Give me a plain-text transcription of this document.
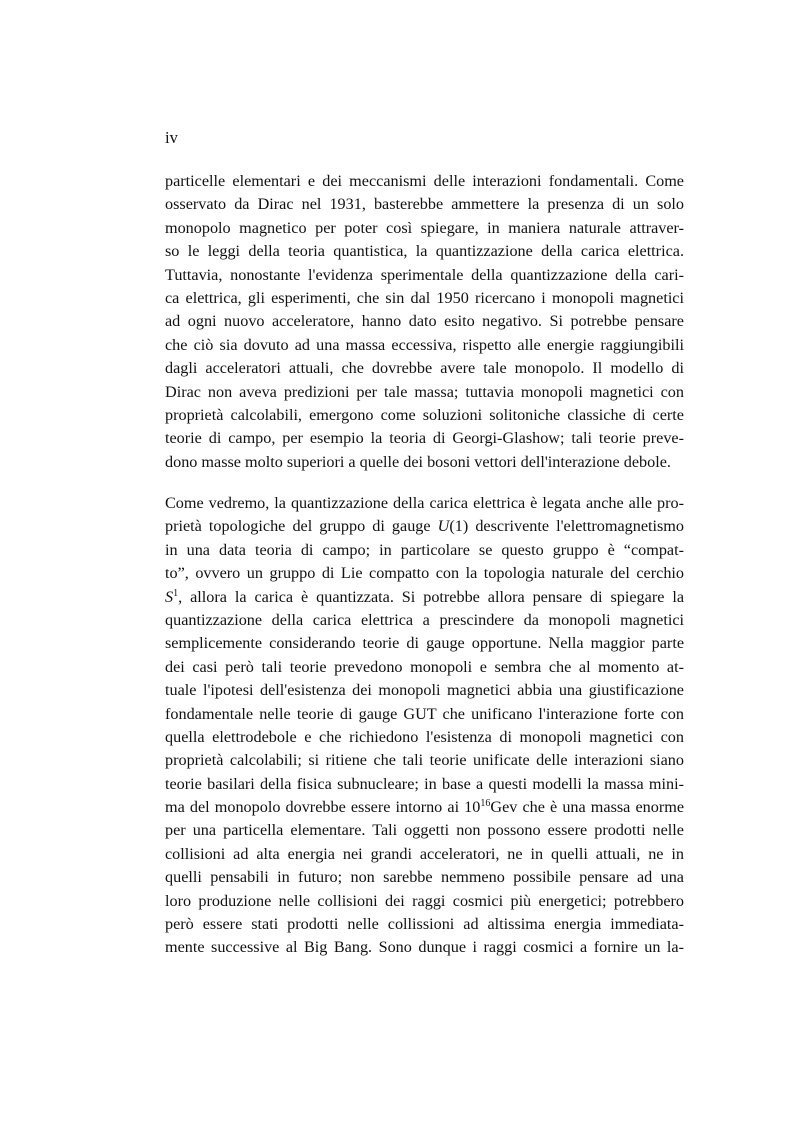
iv
particelle elementari e dei meccanismi delle interazioni fondamentali. Come
osservato da Dirac nel 1931, basterebbe ammettere la presenza di un solo
monopolo magnetico per poter così spiegare, in maniera naturale attraver-
so le leggi della teoria quantistica, la quantizzazione della carica elettrica.
Tuttavia, nonostante l'evidenza sperimentale della quantizzazione della cari-
ca elettrica, gli esperimenti, che sin dal 1950 ricercano i monopoli magnetici
ad ogni nuovo acceleratore, hanno dato esito negativo. Si potrebbe pensare
che ciò sia dovuto ad una massa eccessiva, rispetto alle energie raggiungibili
dagli acceleratori attuali, che dovrebbe avere tale monopolo. Il modello di
Dirac non aveva predizioni per tale massa; tuttavia monopoli magnetici con
proprietà calcolabili, emergono come soluzioni solitoniche classiche di certe
teorie di campo, per esempio la teoria di Georgi-Glashow; tali teorie preve-
dono masse molto superiori a quelle dei bosoni vettori dell'interazione debole.
Come vedremo, la quantizzazione della carica elettrica è legata anche alle pro-
prietà topologiche del gruppo di gauge U(1) descrivente l'elettromagnetismo
in una data teoria di campo; in particolare se questo gruppo è “compat-
to”, ovvero un gruppo di Lie compatto con la topologia naturale del cerchio
$S^1$, allora la carica è quantizzata. Si potrebbe allora pensare di spiegare la
quantizzazione della carica elettrica a prescindere da monopoli magnetici
semplicemente considerando teorie di gauge opportune. Nella maggior parte
dei casi però tali teorie prevedono monopoli e sembra che al momento at-
tuale l'ipotesi dell'esistenza dei monopoli magnetici abbia una giustificazione
fondamentale nelle teorie di gauge GUT che unificano l'interazione forte con
quella elettrodebole e che richiedono l'esistenza di monopoli magnetici con
proprietà calcolabili; si ritiene che tali teorie unificate delle interazioni siano
teorie basilari della fisica subnucleare; in base a questi modelli la massa mini-
ma del monopolo dovrebbe essere intorno ai $10^{16}Gev$ che è una massa enorme
per una particella elementare. Tali oggetti non possono essere prodotti nelle
collisioni ad alta energia nei grandi acceleratori, ne in quelli attuali, ne in
quelli pensabili in futuro; non sarebbe nemmeno possibile pensare ad una
loro produzione nelle collisioni dei raggi cosmici più energetici; potrebbero
però essere stati prodotti nelle collissioni ad altissima energia immediata-
mente successive al Big Bang. Sono dunque i raggi cosmici a fornire un la-
